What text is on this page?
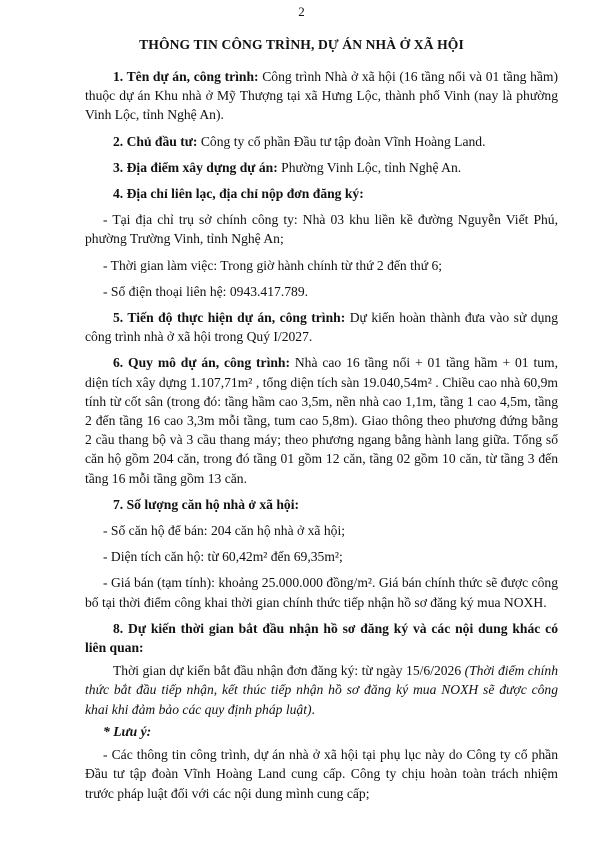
2
THÔNG TIN CÔNG TRÌNH, DỰ ÁN NHÀ Ở XÃ HỘI

1. Tên dự án, công trình: Công trình Nhà ở xã hội (16 tầng nổi và 01 tầng hầm) thuộc dự án Khu nhà ở Mỹ Thượng tại xã Hưng Lộc, thành phố Vinh (nay là phường Vinh Lộc, tỉnh Nghệ An).

2. Chủ đầu tư: Công ty cổ phần Đầu tư tập đoàn Vĩnh Hoàng Land.

3. Địa điểm xây dựng dự án: Phường Vinh Lộc, tỉnh Nghệ An.

4. Địa chỉ liên lạc, địa chỉ nộp đơn đăng ký:

- Tại địa chỉ trụ sở chính công ty: Nhà 03 khu liền kề đường Nguyễn Viết Phú, phường Trường Vinh, tỉnh Nghệ An;

- Thời gian làm việc: Trong giờ hành chính từ thứ 2 đến thứ 6;

- Số điện thoại liên hệ: 0943.417.789.

5. Tiến độ thực hiện dự án, công trình: Dự kiến hoàn thành đưa vào sử dụng công trình nhà ở xã hội trong Quý I/2027.

6. Quy mô dự án, công trình: Nhà cao 16 tầng nổi + 01 tầng hầm + 01 tum, diện tích xây dựng 1.107,71m² , tổng diện tích sàn 19.040,54m² . Chiều cao nhà 60,9m tính từ cốt sân (trong đó: tầng hầm cao 3,5m, nền nhà cao 1,1m, tầng 1 cao 4,5m, tầng 2 đến tầng 16 cao 3,3m mỗi tầng, tum cao 5,8m). Giao thông theo phương đứng bằng 2 cầu thang bộ và 3 cầu thang máy; theo phương ngang bằng hành lang giữa. Tổng số căn hộ gồm 204 căn, trong đó tầng 01 gồm 12 căn, tầng 02 gồm 10 căn, từ tầng 3 đến tầng 16 mỗi tầng gồm 13 căn.

7. Số lượng căn hộ nhà ở xã hội:

- Số căn hộ để bán: 204 căn hộ nhà ở xã hội;

- Diện tích căn hộ: từ 60,42m² đến 69,35m²;

- Giá bán (tạm tính): khoảng 25.000.000 đồng/m². Giá bán chính thức sẽ được công bố tại thời điểm công khai thời gian chính thức tiếp nhận hồ sơ đăng ký mua NOXH.

8. Dự kiến thời gian bắt đầu nhận hồ sơ đăng ký và các nội dung khác có liên quan:

Thời gian dự kiến bắt đầu nhận đơn đăng ký: từ ngày 15/6/2026 (Thời điểm chính thức bắt đầu tiếp nhận, kết thúc tiếp nhận hồ sơ đăng ký mua NOXH sẽ được công khai khi đảm bảo các quy định pháp luật).

* Lưu ý:

- Các thông tin công trình, dự án nhà ở xã hội tại phụ lục này do Công ty cổ phần Đầu tư tập đoàn Vĩnh Hoàng Land cung cấp. Công ty chịu hoàn toàn trách nhiệm trước pháp luật đối với các nội dung mình cung cấp;
